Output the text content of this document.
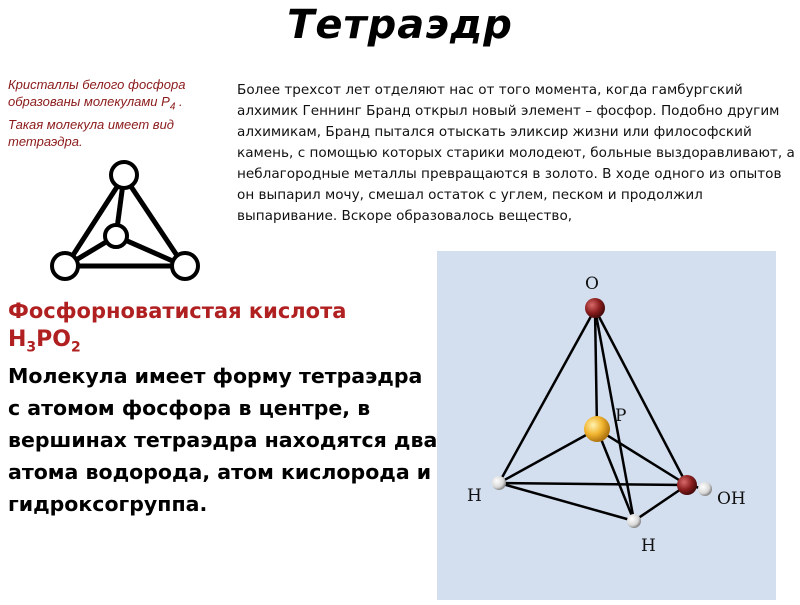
Тетраэдр
Кристаллы белого фосфора образованы молекулами $Р_4$ . Такая молекула имеет вид тетраэдра.
Более трехсот лет отделяют нас от того момента, когда гамбургский алхимик Геннинг Бранд открыл новый элемент – фосфор. Подобно другим алхимикам, Бранд пытался отыскать эликсир жизни или философский камень, с помощью которых старики молодеют, больные выздоравливают, а неблагородные металлы превращаются в золото. В ходе одного из опытов он выпарил мочу, смешал остаток с углем, песком и продолжил выпаривание. Вскоре образовалось вещество,
O
P
H
H
OH
Фосфорноватистая кислота
$H_3PO_2$
Молекула имеет форму тетраэдра с атомом фосфора в центре, в вершинах тетраэдра находятся два атома водорода, атом кислорода и гидроксогруппа.
